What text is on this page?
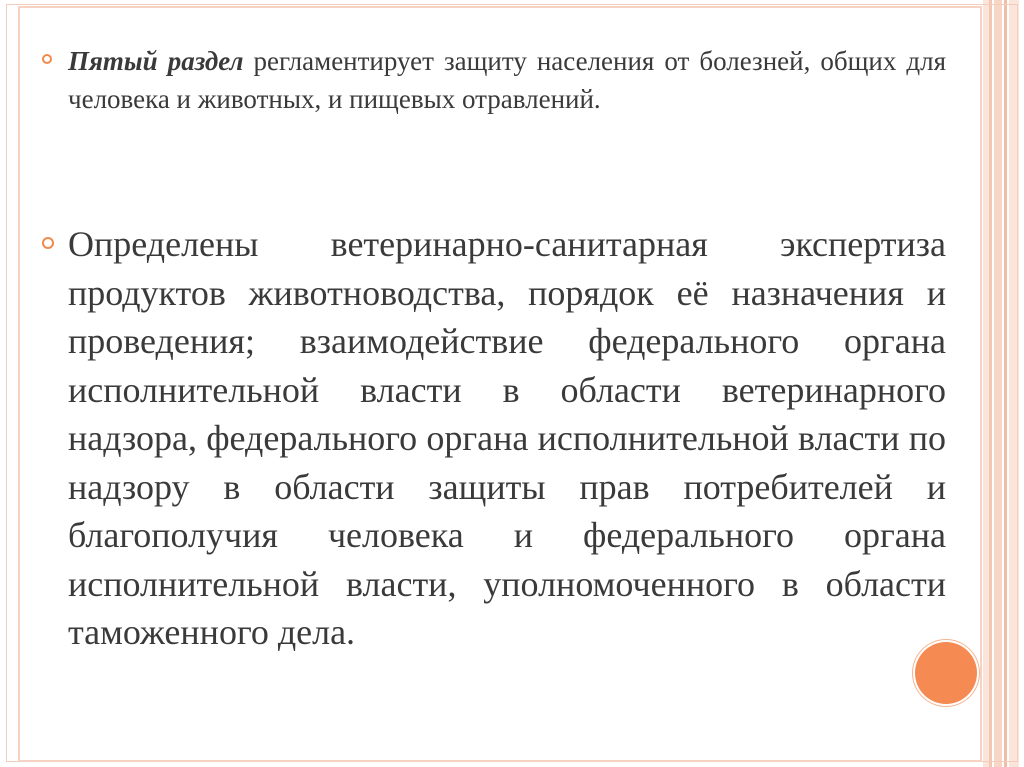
Пятый раздел регламентирует защиту населения от болезней, общих для человека и животных, и пищевых отравлений.
Определены ветеринарно-санитарная экспертиза продуктов животноводства, порядок её назначения и проведения; взаимодействие федерального органа исполнительной власти в области ветеринарного надзора, федерального органа исполнительной власти по надзору в области защиты прав потребителей и благополучия человека и федерального органа исполнительной власти, уполномоченного в области таможенного дела.
